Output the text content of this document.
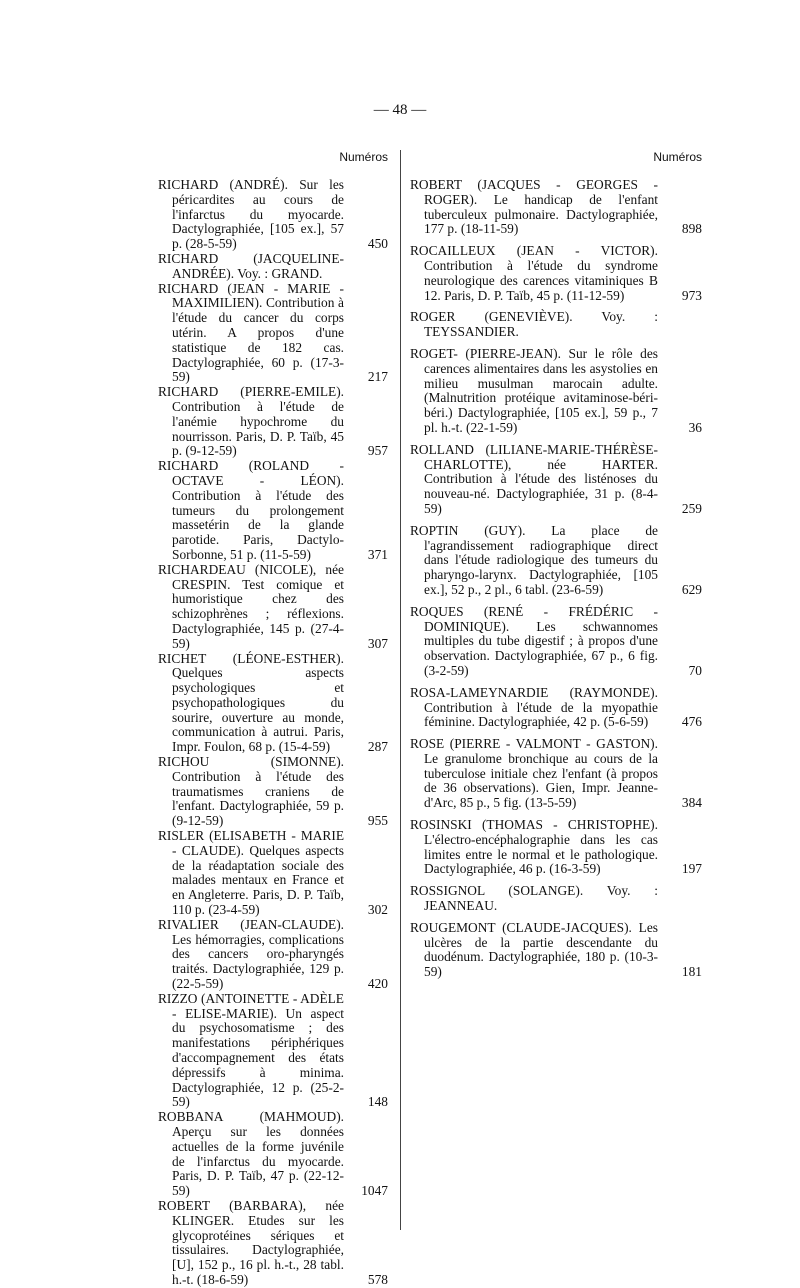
— 48 —
Numéros
RICHARD (ANDRÉ). Sur les péricardites au cours de l'infarctus du myocarde. Dactylographiée, [105 ex.], 57 p. (28-5-59)	450
RICHARD (JACQUELINE-ANDRÉE). Voy. : GRAND.
RICHARD (JEAN - MARIE - MAXIMILIEN). Contribution à l'étude du cancer du corps utérin. A propos d'une statistique de 182 cas. Dactylographiée, 60 p. (17-3-59)	217
RICHARD (PIERRE-EMILE). Contribution à l'étude de l'anémie hypochrome du nourrisson. Paris, D. P. Taïb, 45 p. (9-12-59)	957
RICHARD (ROLAND - OCTAVE - LÉON). Contribution à l'étude des tumeurs du prolongement massetérin de la glande parotide. Paris, Dactylo-Sorbonne, 51 p. (11-5-59)	371
RICHARDEAU (NICOLE), née CRESPIN. Test comique et humoristique chez des schizophrènes ; réflexions. Dactylographiée, 145 p. (27-4-59)	307
RICHET (LÉONE-ESTHER). Quelques aspects psychologiques et psychopathologiques du sourire, ouverture au monde, communication à autrui. Paris, Impr. Foulon, 68 p. (15-4-59)	287
RICHOU (SIMONNE). Contribution à l'étude des traumatismes craniens de l'enfant. Dactylographiée, 59 p. (9-12-59)	955
RISLER (ELISABETH - MARIE - CLAUDE). Quelques aspects de la réadaptation sociale des malades mentaux en France et en Angleterre. Paris, D. P. Taïb, 110 p. (23-4-59)	302
RIVALIER (JEAN-CLAUDE). Les hémorragies, complications des cancers oro-pharyngés traités. Dactylographiée, 129 p. (22-5-59)	420
RIZZO (ANTOINETTE - ADÈLE - ELISE-MARIE). Un aspect du psychosomatisme ; des manifestations périphériques d'accompagnement des états dépressifs à minima. Dactylographiée, 12 p. (25-2-59)	148
ROBBANA (MAHMOUD). Aperçu sur les données actuelles de la forme juvénile de l'infarctus du myocarde. Paris, D. P. Taïb, 47 p. (22-12-59)	1047
ROBERT (BARBARA), née KLINGER. Etudes sur les glycoprotéines sériques et tissulaires. Dactylographiée, [U], 152 p., 16 pl. h.-t., 28 tabl. h.-t. (18-6-59)	578
Numéros
ROBERT (JACQUES - GEORGES - ROGER). Le handicap de l'enfant tuberculeux pulmonaire. Dactylographiée, 177 p. (18-11-59)	898
ROCAILLEUX (JEAN - VICTOR). Contribution à l'étude du syndrome neurologique des carences vitaminiques B 12. Paris, D. P. Taïb, 45 p. (11-12-59)	973
ROGER (GENEVIÈVE). Voy. : TEYSSANDIER.
ROGET- (PIERRE-JEAN). Sur le rôle des carences alimentaires dans les asystolies en milieu musulman marocain adulte. (Malnutrition protéique avitaminose-béri-béri.) Dactylographiée, [105 ex.], 59 p., 7 pl. h.-t. (22-1-59)	36
ROLLAND (LILIANE-MARIE-THÉRÈSE-CHARLOTTE), née HARTER. Contribution à l'étude des listénoses du nouveau-né. Dactylographiée, 31 p. (8-4-59)	259
ROPTIN (GUY). La place de l'agrandissement radiographique direct dans l'étude radiologique des tumeurs du pharyngo-larynx. Dactylographiée, [105 ex.], 52 p., 2 pl., 6 tabl. (23-6-59)	629
ROQUES (RENÉ - FRÉDÉRIC - DOMINIQUE). Les schwannomes multiples du tube digestif ; à propos d'une observation. Dactylographiée, 67 p., 6 fig. (3-2-59)	70
ROSA-LAMEYNARDIE (RAYMONDE). Contribution à l'étude de la myopathie féminine. Dactylographiée, 42 p. (5-6-59)	476
ROSE (PIERRE - VALMONT - GASTON). Le granulome bronchique au cours de la tuberculose initiale chez l'enfant (à propos de 36 observations). Gien, Impr. Jeanne-d'Arc, 85 p., 5 fig. (13-5-59)	384
ROSINSKI (THOMAS - CHRISTOPHE). L'électro-encéphalographie dans les cas limites entre le normal et le pathologique. Dactylographiée, 46 p. (16-3-59)	197
ROSSIGNOL (SOLANGE). Voy. : JEANNEAU.
ROUGEMONT (CLAUDE-JACQUES). Les ulcères de la partie descendante du duodénum. Dactylographiée, 180 p. (10-3-59)	181
